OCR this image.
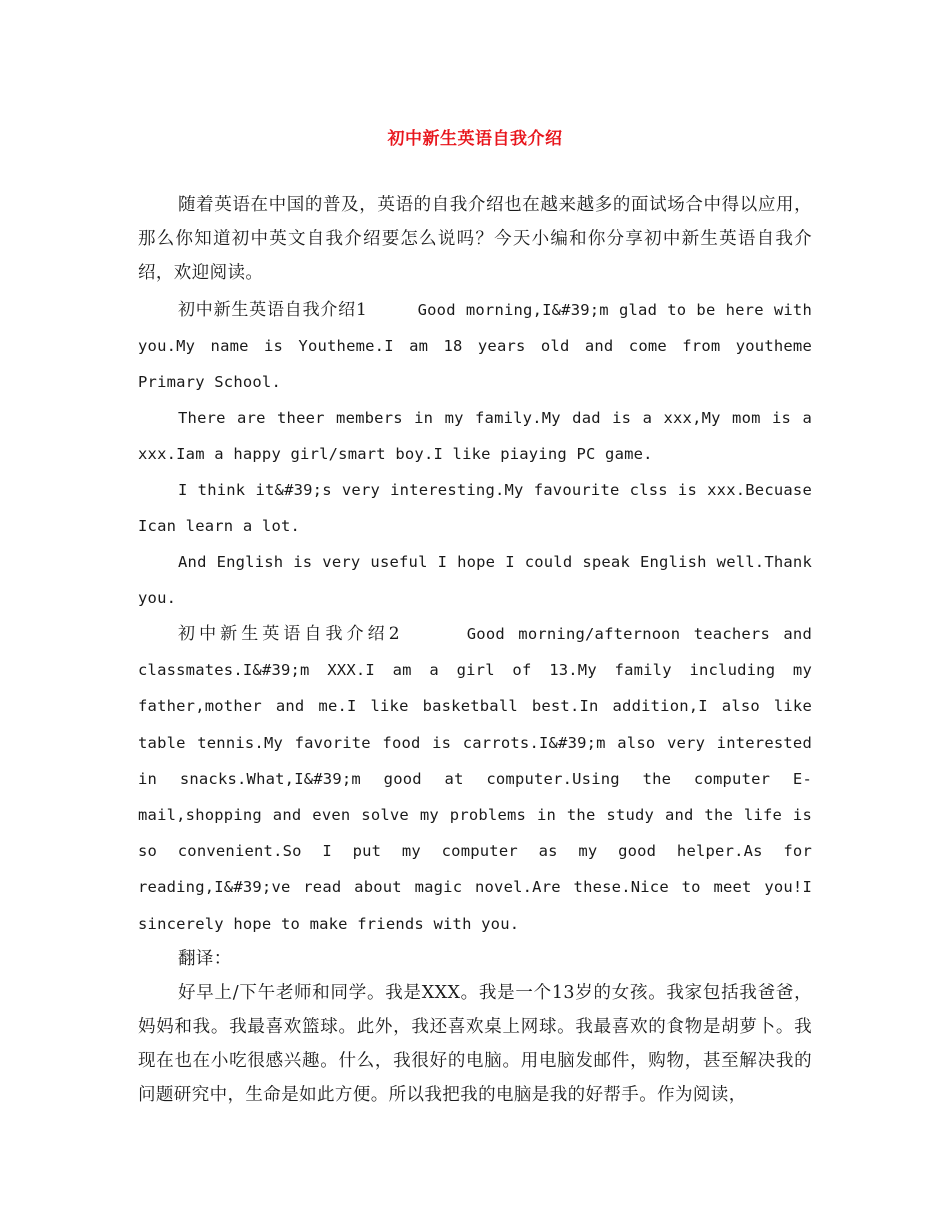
初中新生英语自我介绍

随着英语在中国的普及，英语的自我介绍也在越来越多的面试场合中得以应用，那么你知道初中英文自我介绍要怎么说吗？今天小编和你分享初中新生英语自我介绍，欢迎阅读。

初中新生英语自我介绍1	Good morning,I&#39;m glad to be here with you.My name is Youtheme.I am 18 years old and come from youtheme Primary School.

There are theer members in my family.My dad is a xxx,My mom is a xxx.Iam a happy girl/smart boy.I like piaying PC game.

I think it&#39;s very interesting.My favourite clss is xxx.Becuase Ican learn a lot.

And English is very useful I hope I could speak English well.Thank you.

初中新生英语自我介绍2	Good morning/afternoon teachers and classmates.I&#39;m XXX.I am a girl of 13.My family including my father,mother and me.I like basketball best.In addition,I also like table tennis.My favorite food is carrots.I&#39;m also very interested in snacks.What,I&#39;m good at computer.Using the computer E-mail,shopping and even solve my problems in the study and the life is so convenient.So I put my computer as my good helper.As for reading,I&#39;ve read about magic novel.Are these.Nice to meet you!I sincerely hope to make friends with you.

翻译：

好早上/下午老师和同学。我是XXX。我是一个13岁的女孩。我家包括我爸爸，妈妈和我。我最喜欢篮球。此外，我还喜欢桌上网球。我最喜欢的食物是胡萝卜。我现在也在小吃很感兴趣。什么，我很好的电脑。用电脑发邮件，购物，甚至解决我的问题研究中，生命是如此方便。所以我把我的电脑是我的好帮手。作为阅读，
